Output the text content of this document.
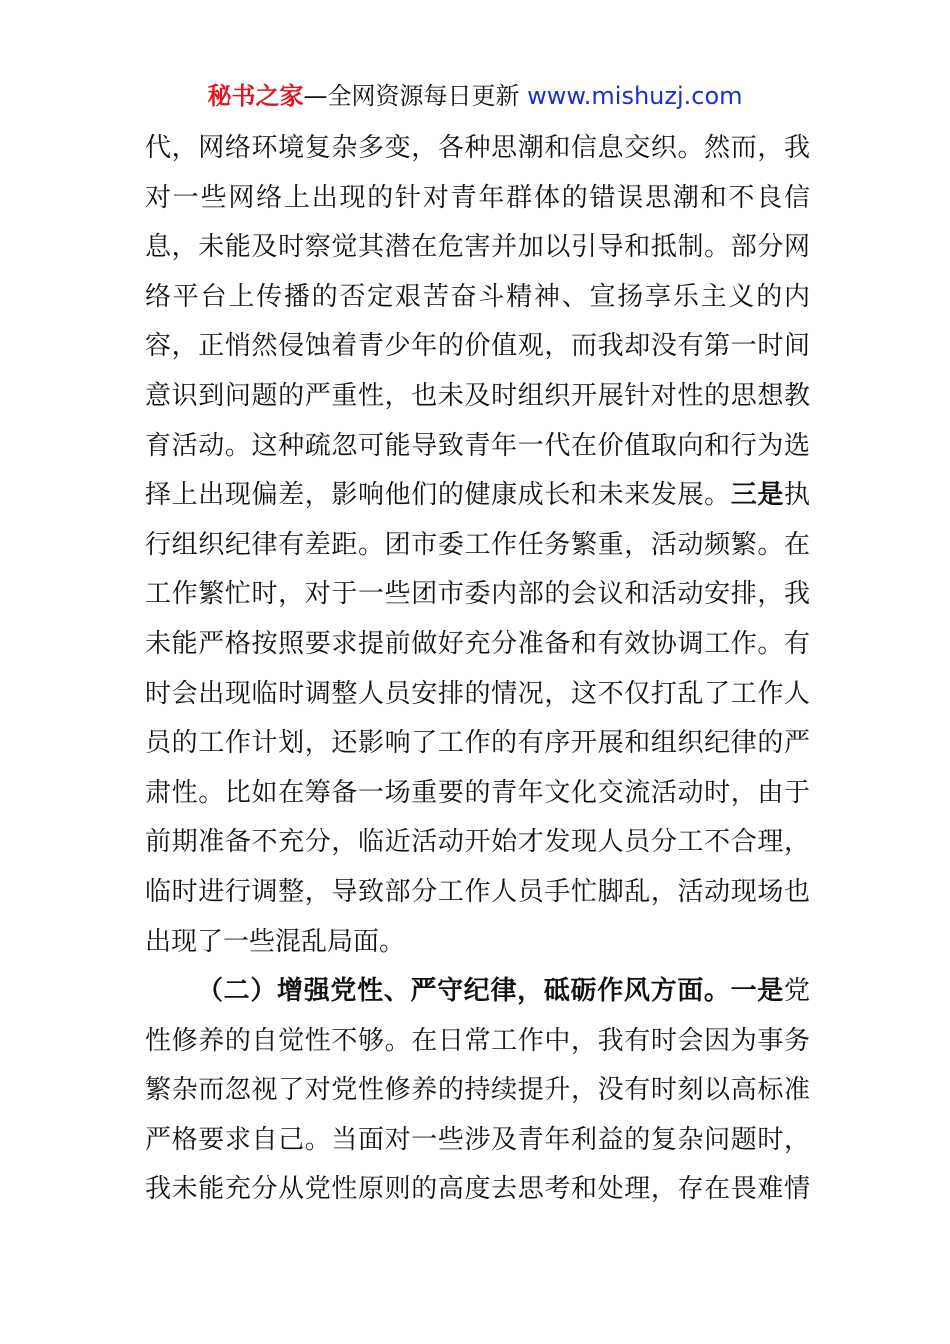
秘书之家—全网资源每日更新 www.mishuzj.com
代，网络环境复杂多变，各种思潮和信息交织。然而，我
对一些网络上出现的针对青年群体的错误思潮和不良信
息，未能及时察觉其潜在危害并加以引导和抵制。部分网
络平台上传播的否定艰苦奋斗精神、宣扬享乐主义的内
容，正悄然侵蚀着青少年的价值观，而我却没有第一时间
意识到问题的严重性，也未及时组织开展针对性的思想教
育活动。这种疏忽可能导致青年一代在价值取向和行为选
择上出现偏差，影响他们的健康成长和未来发展。三是执
行组织纪律有差距。团市委工作任务繁重，活动频繁。在
工作繁忙时，对于一些团市委内部的会议和活动安排，我
未能严格按照要求提前做好充分准备和有效协调工作。有
时会出现临时调整人员安排的情况，这不仅打乱了工作人
员的工作计划，还影响了工作的有序开展和组织纪律的严
肃性。比如在筹备一场重要的青年文化交流活动时，由于
前期准备不充分，临近活动开始才发现人员分工不合理，
临时进行调整，导致部分工作人员手忙脚乱，活动现场也
出现了一些混乱局面。
（二）增强党性、严守纪律，砥砺作风方面。一是党
性修养的自觉性不够。在日常工作中，我有时会因为事务
繁杂而忽视了对党性修养的持续提升，没有时刻以高标准
严格要求自己。当面对一些涉及青年利益的复杂问题时，
我未能充分从党性原则的高度去思考和处理，存在畏难情
